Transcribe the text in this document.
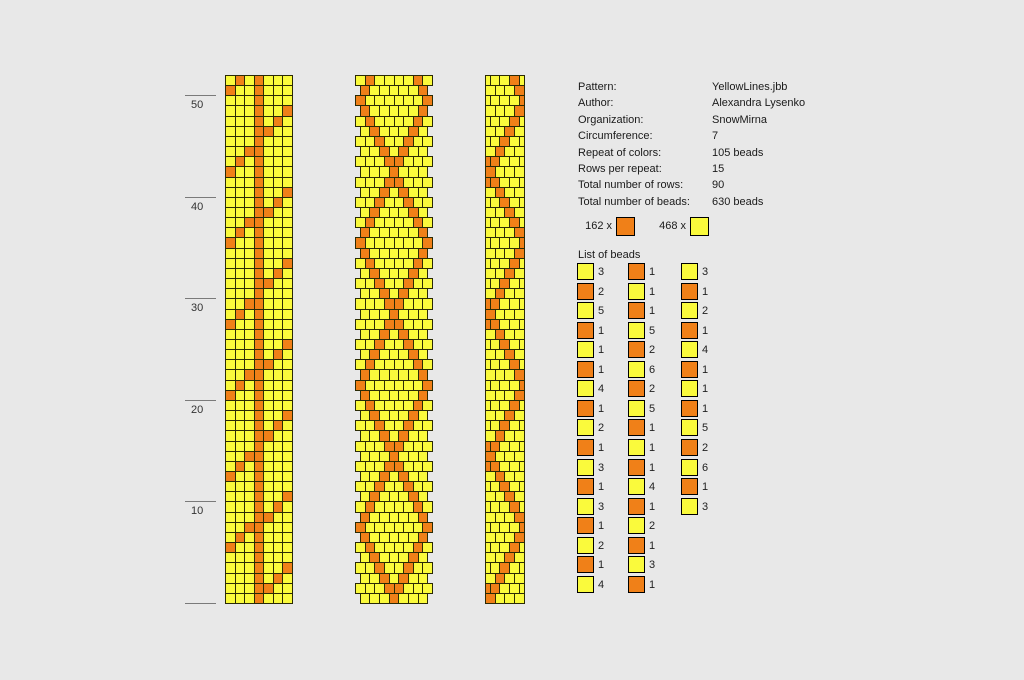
50
40
30
20
10
Pattern:	YellowLines.jbb
Author:	Alexandra Lysenko
Organization:	SnowMirna
Circumference:	7
Repeat of colors:	105 beads
Rows per repeat:	15
Total number of rows:	90
Total number of beads: 630 beads
162 x	468 x
List of beads
3
2
5
1
1
1
4
1
2
1
3
1
3
1
2
1
4
1
1
1
5
2
6
2
5
1
1
1
4
1
2
1
3
1
3
1
2
1
4
1
1
1
5
2
6
1
3
